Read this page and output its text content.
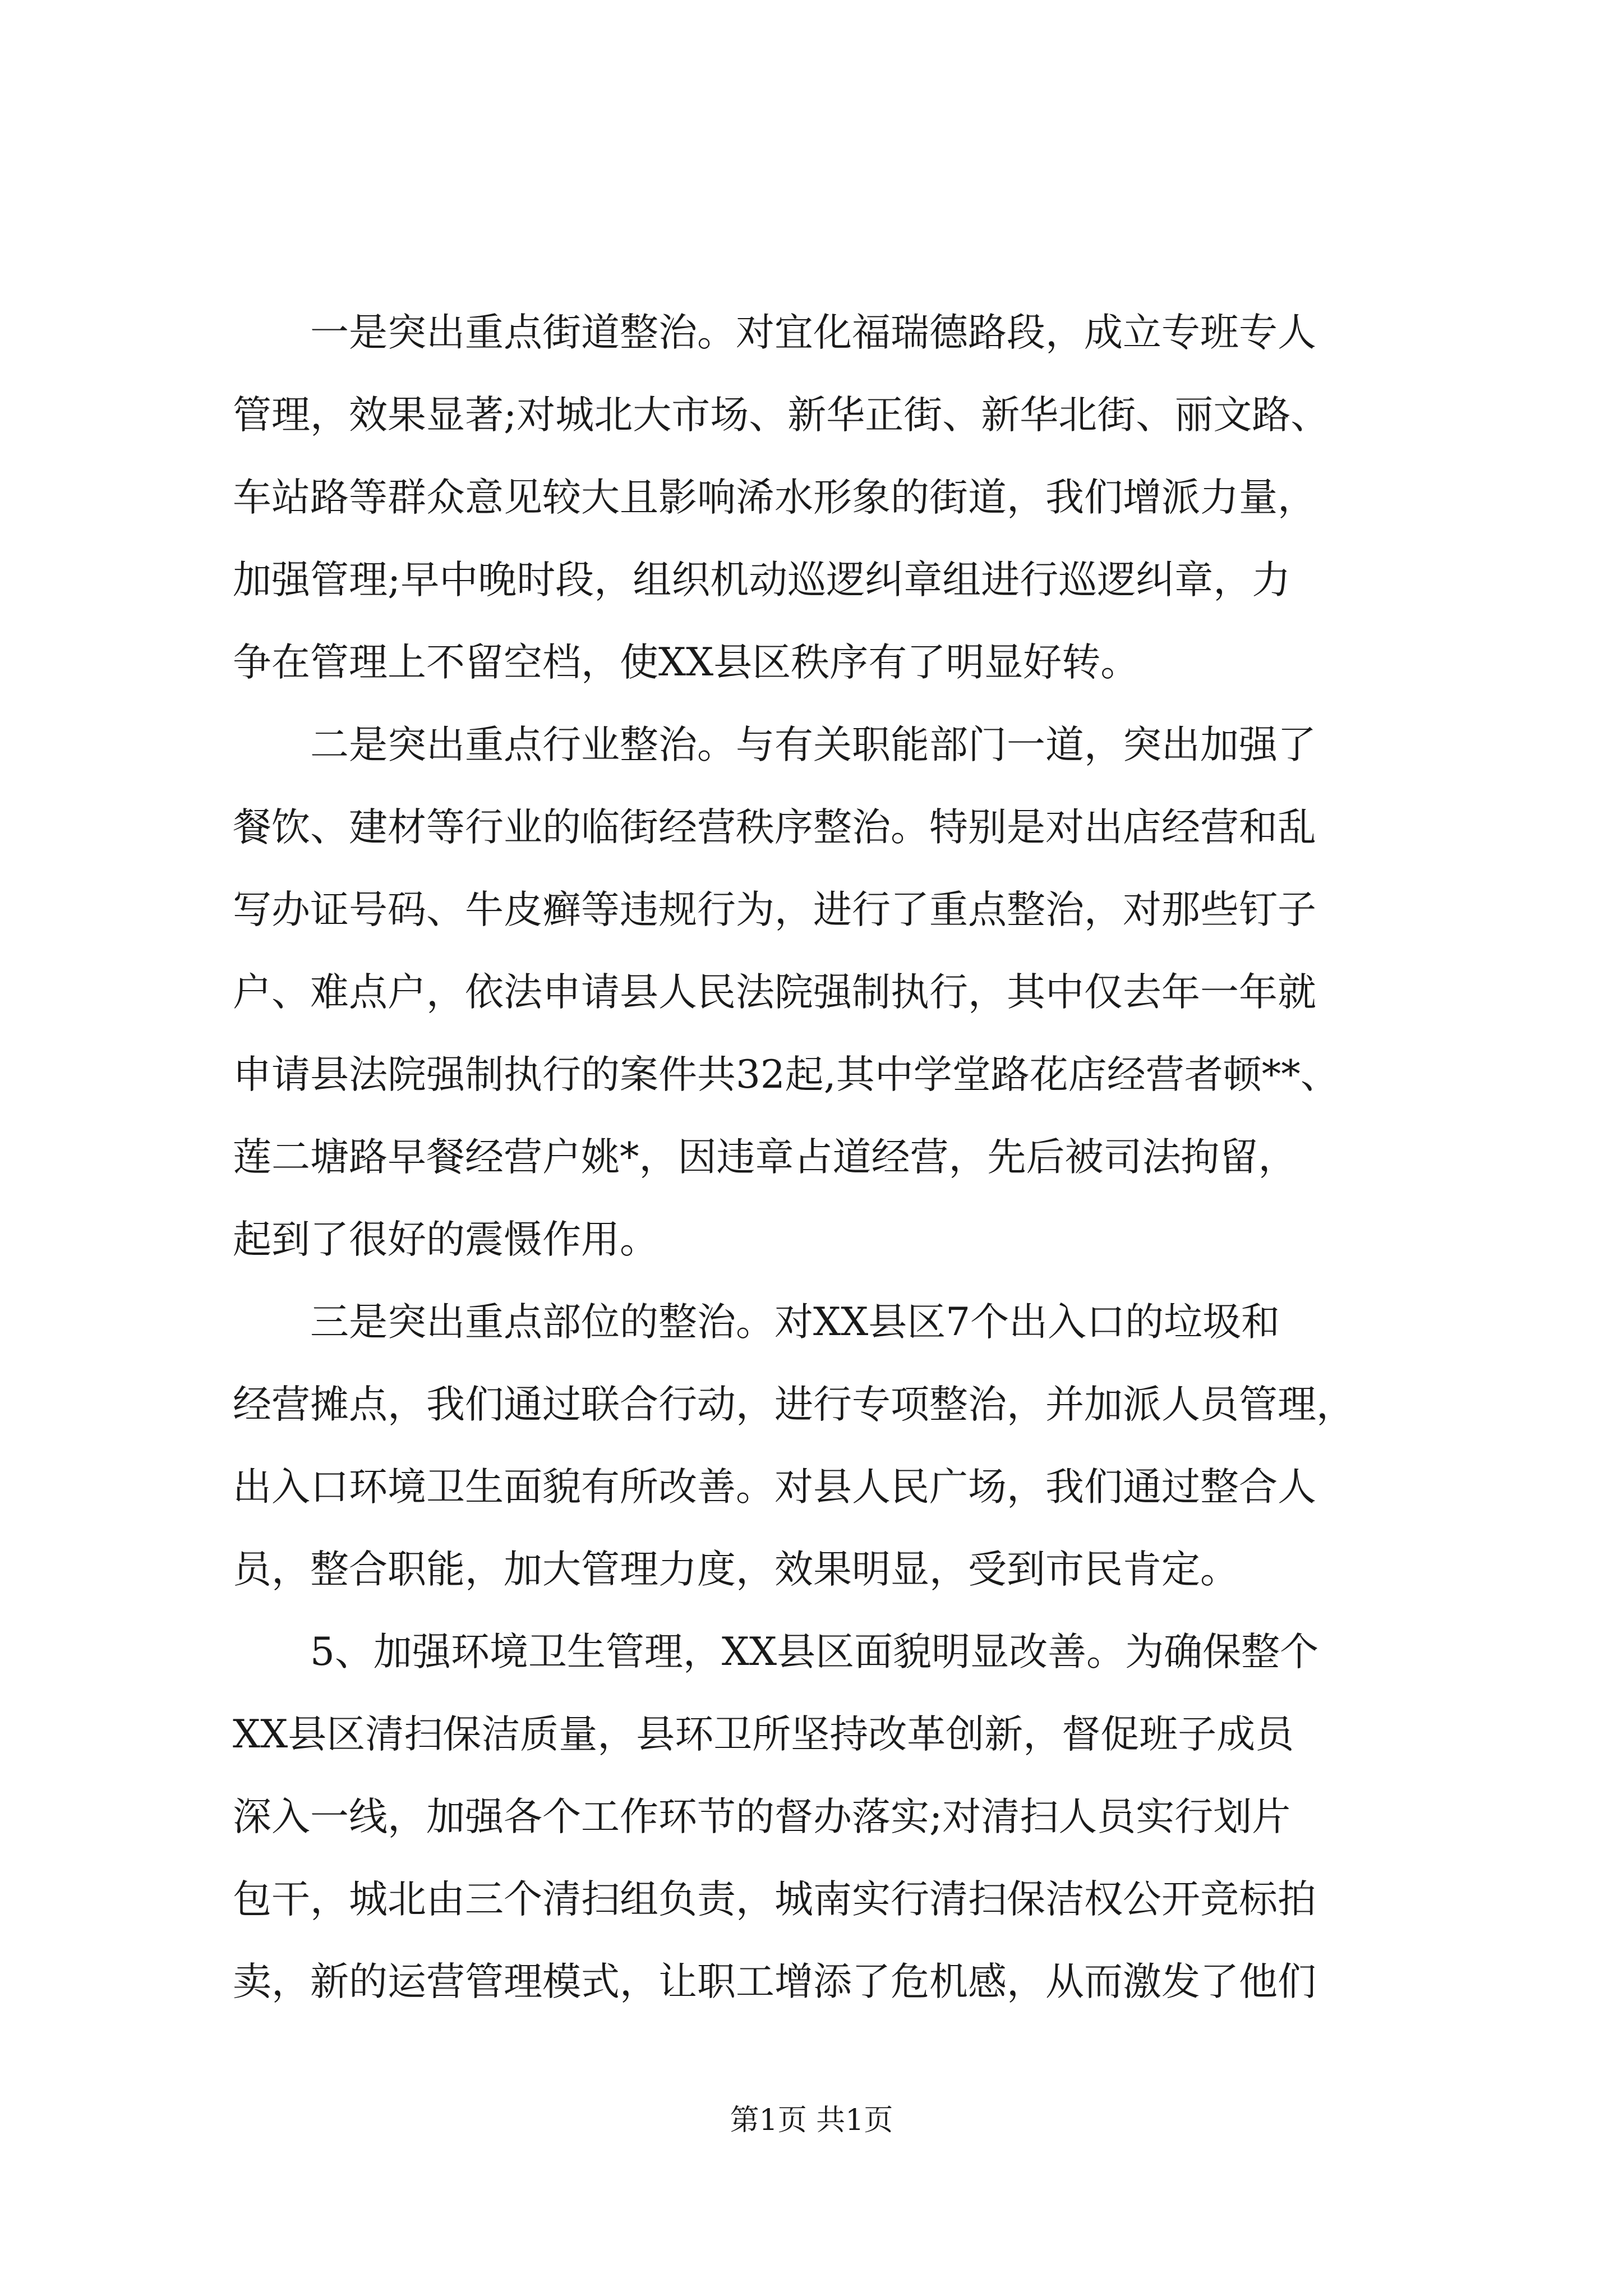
一是突出重点街道整治。对宜化福瑞德路段，成立专班专人
管理，效果显著;对城北大市场、新华正街、新华北街、丽文路、
车站路等群众意见较大且影响浠水形象的街道，我们增派力量，
加强管理;早中晚时段，组织机动巡逻纠章组进行巡逻纠章，力
争在管理上不留空档，使XX县区秩序有了明显好转。
二是突出重点行业整治。与有关职能部门一道，突出加强了
餐饮、建材等行业的临街经营秩序整治。特别是对出店经营和乱
写办证号码、牛皮癣等违规行为，进行了重点整治，对那些钉子
户、难点户，依法申请县人民法院强制执行，其中仅去年一年就
申请县法院强制执行的案件共32起,其中学堂路花店经营者顿**、
莲二塘路早餐经营户姚*，因违章占道经营，先后被司法拘留，
起到了很好的震慑作用。
三是突出重点部位的整治。对XX县区7个出入口的垃圾和
经营摊点，我们通过联合行动，进行专项整治，并加派人员管理，
出入口环境卫生面貌有所改善。对县人民广场，我们通过整合人
员，整合职能，加大管理力度，效果明显，受到市民肯定。
5、加强环境卫生管理，XX县区面貌明显改善。为确保整个
XX县区清扫保洁质量，县环卫所坚持改革创新，督促班子成员
深入一线，加强各个工作环节的督办落实;对清扫人员实行划片
包干，城北由三个清扫组负责，城南实行清扫保洁权公开竞标拍
卖，新的运营管理模式，让职工增添了危机感，从而激发了他们
第1页 共1页
